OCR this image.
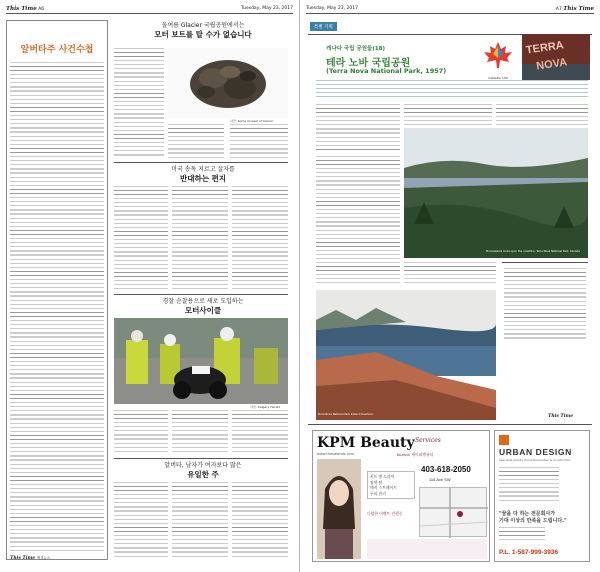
This Time A6	Tuesday, May 23, 2017
알버타주 사건수첩
This Time 핵심뉴스
올여름 Glacier 국립공원에서는
모터 보트를 탈 수가 없습니다
사진: Some mussel of Glacier
미국 송독 지르고 살자를
반대하는 편지
경찰 순찰용으로 새로 도입하는
모터사이클
사진: Calgary Herald
알버타, 남자가 여자보다 많은
유일한 주
Tuesday, May 23, 2017	A7 This Time
특별 기획
캐나다 국립 공원들(18)
테라 노바 국립공원
(Terra Nova National Park, 1957)
CANADA 150
TERRA
NOVA
Minnewanka looks upon the coastline, Terra Nova National Park, Canada
Terra Nova National Park Ireland foreshore	This Time
KPM Beauty Services
www.thesalonds.com	Korean 케이피엠뷰티
커트 앤 드라이
염색 펌
매직 스트레이트
두피 관리
다양한 이벤트 진행중
403-618-2050
118 Ave SW
URBAN DESIGN
Specialist Quality Home Renovation & Construction
"꿈을 다 하는 전문회사가
기대 이상의 만족을 드립니다."
P.L. 1-587-999-3936
